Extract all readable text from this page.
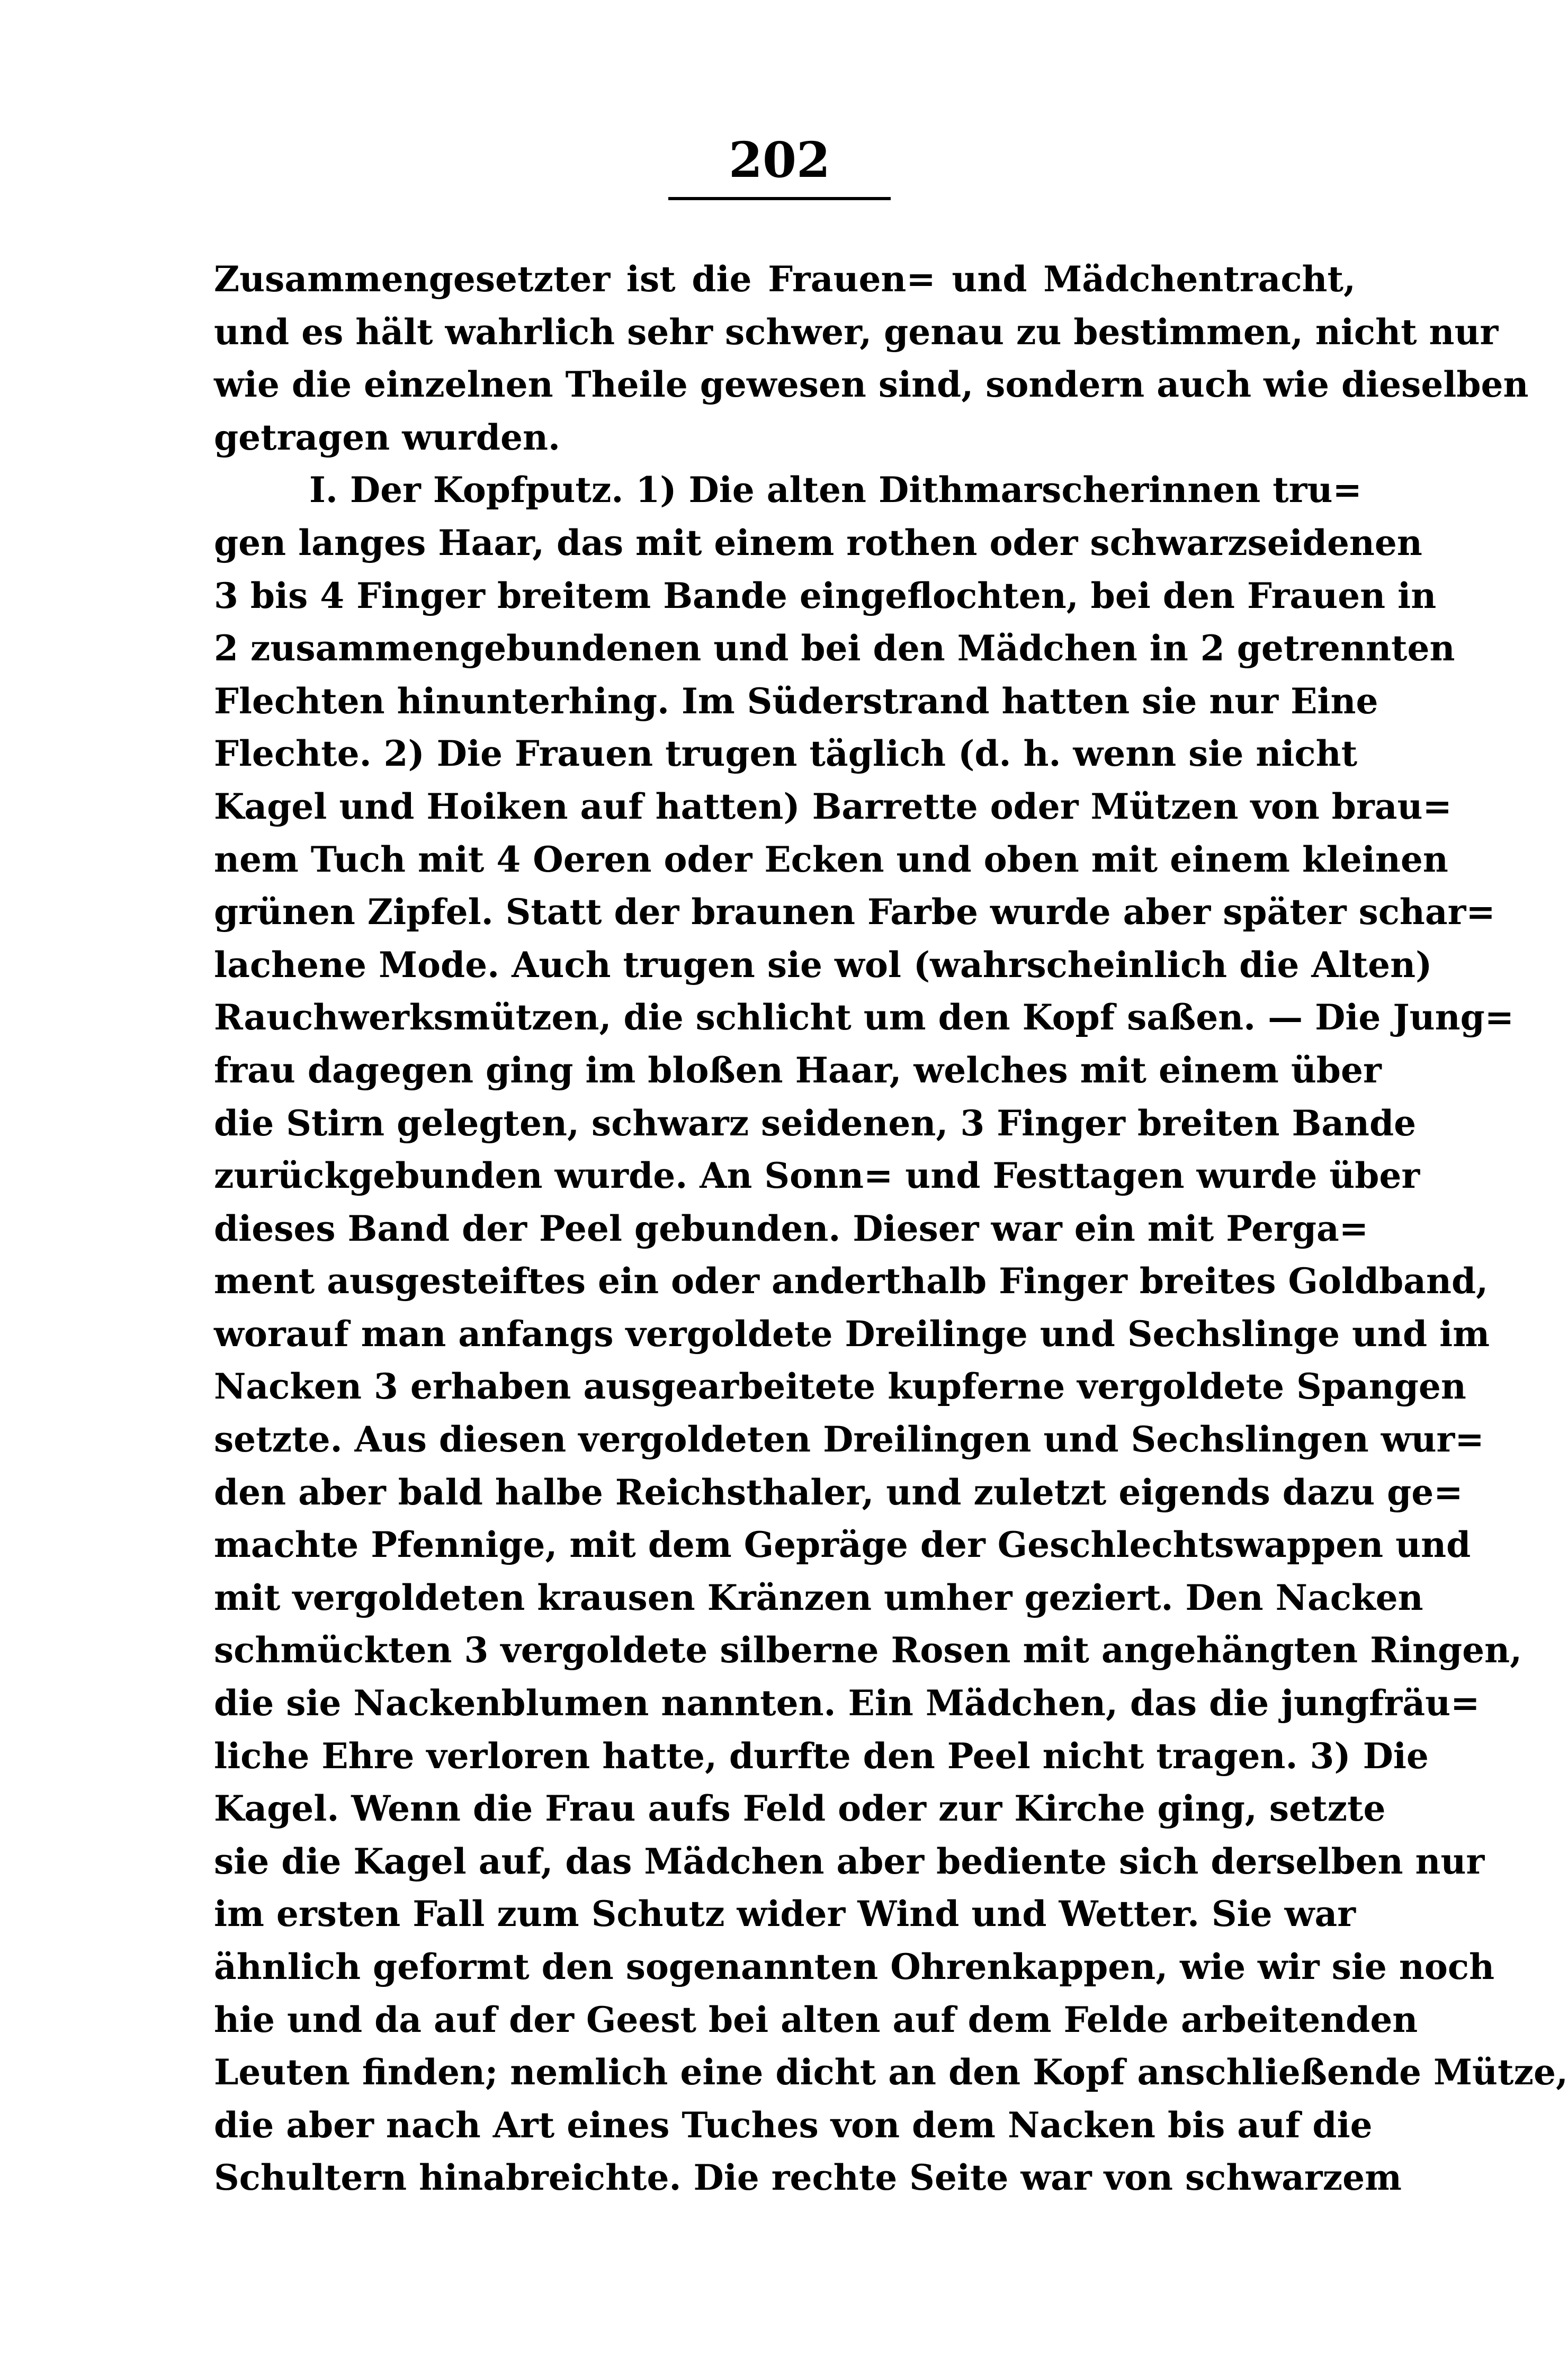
202
Zusammengesetzter ist die Frauen= und Mädchentracht,
und es hält wahrlich sehr schwer, genau zu bestimmen, nicht nur
wie die einzelnen Theile gewesen sind, sondern auch wie dieselben
getragen wurden.
I. Der Kopfputz. 1) Die alten Dithmarscherinnen tru=
gen langes Haar, das mit einem rothen oder schwarzseidenen
3 bis 4 Finger breitem Bande eingeflochten, bei den Frauen in
2 zusammengebundenen und bei den Mädchen in 2 getrennten
Flechten hinunterhing. Im Süderstrand hatten sie nur Eine
Flechte. 2) Die Frauen trugen täglich (d. h. wenn sie nicht
Kagel und Hoiken auf hatten) Barrette oder Mützen von brau=
nem Tuch mit 4 Oeren oder Ecken und oben mit einem kleinen
grünen Zipfel. Statt der braunen Farbe wurde aber später schar=
lachene Mode. Auch trugen sie wol (wahrscheinlich die Alten)
Rauchwerksmützen, die schlicht um den Kopf saßen. — Die Jung=
frau dagegen ging im bloßen Haar, welches mit einem über
die Stirn gelegten, schwarz seidenen, 3 Finger breiten Bande
zurückgebunden wurde. An Sonn= und Festtagen wurde über
dieses Band der Peel gebunden. Dieser war ein mit Perga=
ment ausgesteiftes ein oder anderthalb Finger breites Goldband,
worauf man anfangs vergoldete Dreilinge und Sechslinge und im
Nacken 3 erhaben ausgearbeitete kupferne vergoldete Spangen
setzte. Aus diesen vergoldeten Dreilingen und Sechslingen wur=
den aber bald halbe Reichsthaler, und zuletzt eigends dazu ge=
machte Pfennige, mit dem Gepräge der Geschlechtswappen und
mit vergoldeten krausen Kränzen umher geziert. Den Nacken
schmückten 3 vergoldete silberne Rosen mit angehängten Ringen,
die sie Nackenblumen nannten. Ein Mädchen, das die jungfräu=
liche Ehre verloren hatte, durfte den Peel nicht tragen. 3) Die
Kagel. Wenn die Frau aufs Feld oder zur Kirche ging, setzte
sie die Kagel auf, das Mädchen aber bediente sich derselben nur
im ersten Fall zum Schutz wider Wind und Wetter. Sie war
ähnlich geformt den sogenannten Ohrenkappen, wie wir sie noch
hie und da auf der Geest bei alten auf dem Felde arbeitenden
Leuten finden; nemlich eine dicht an den Kopf anschließende Mütze,
die aber nach Art eines Tuches von dem Nacken bis auf die
Schultern hinabreichte. Die rechte Seite war von schwarzem
